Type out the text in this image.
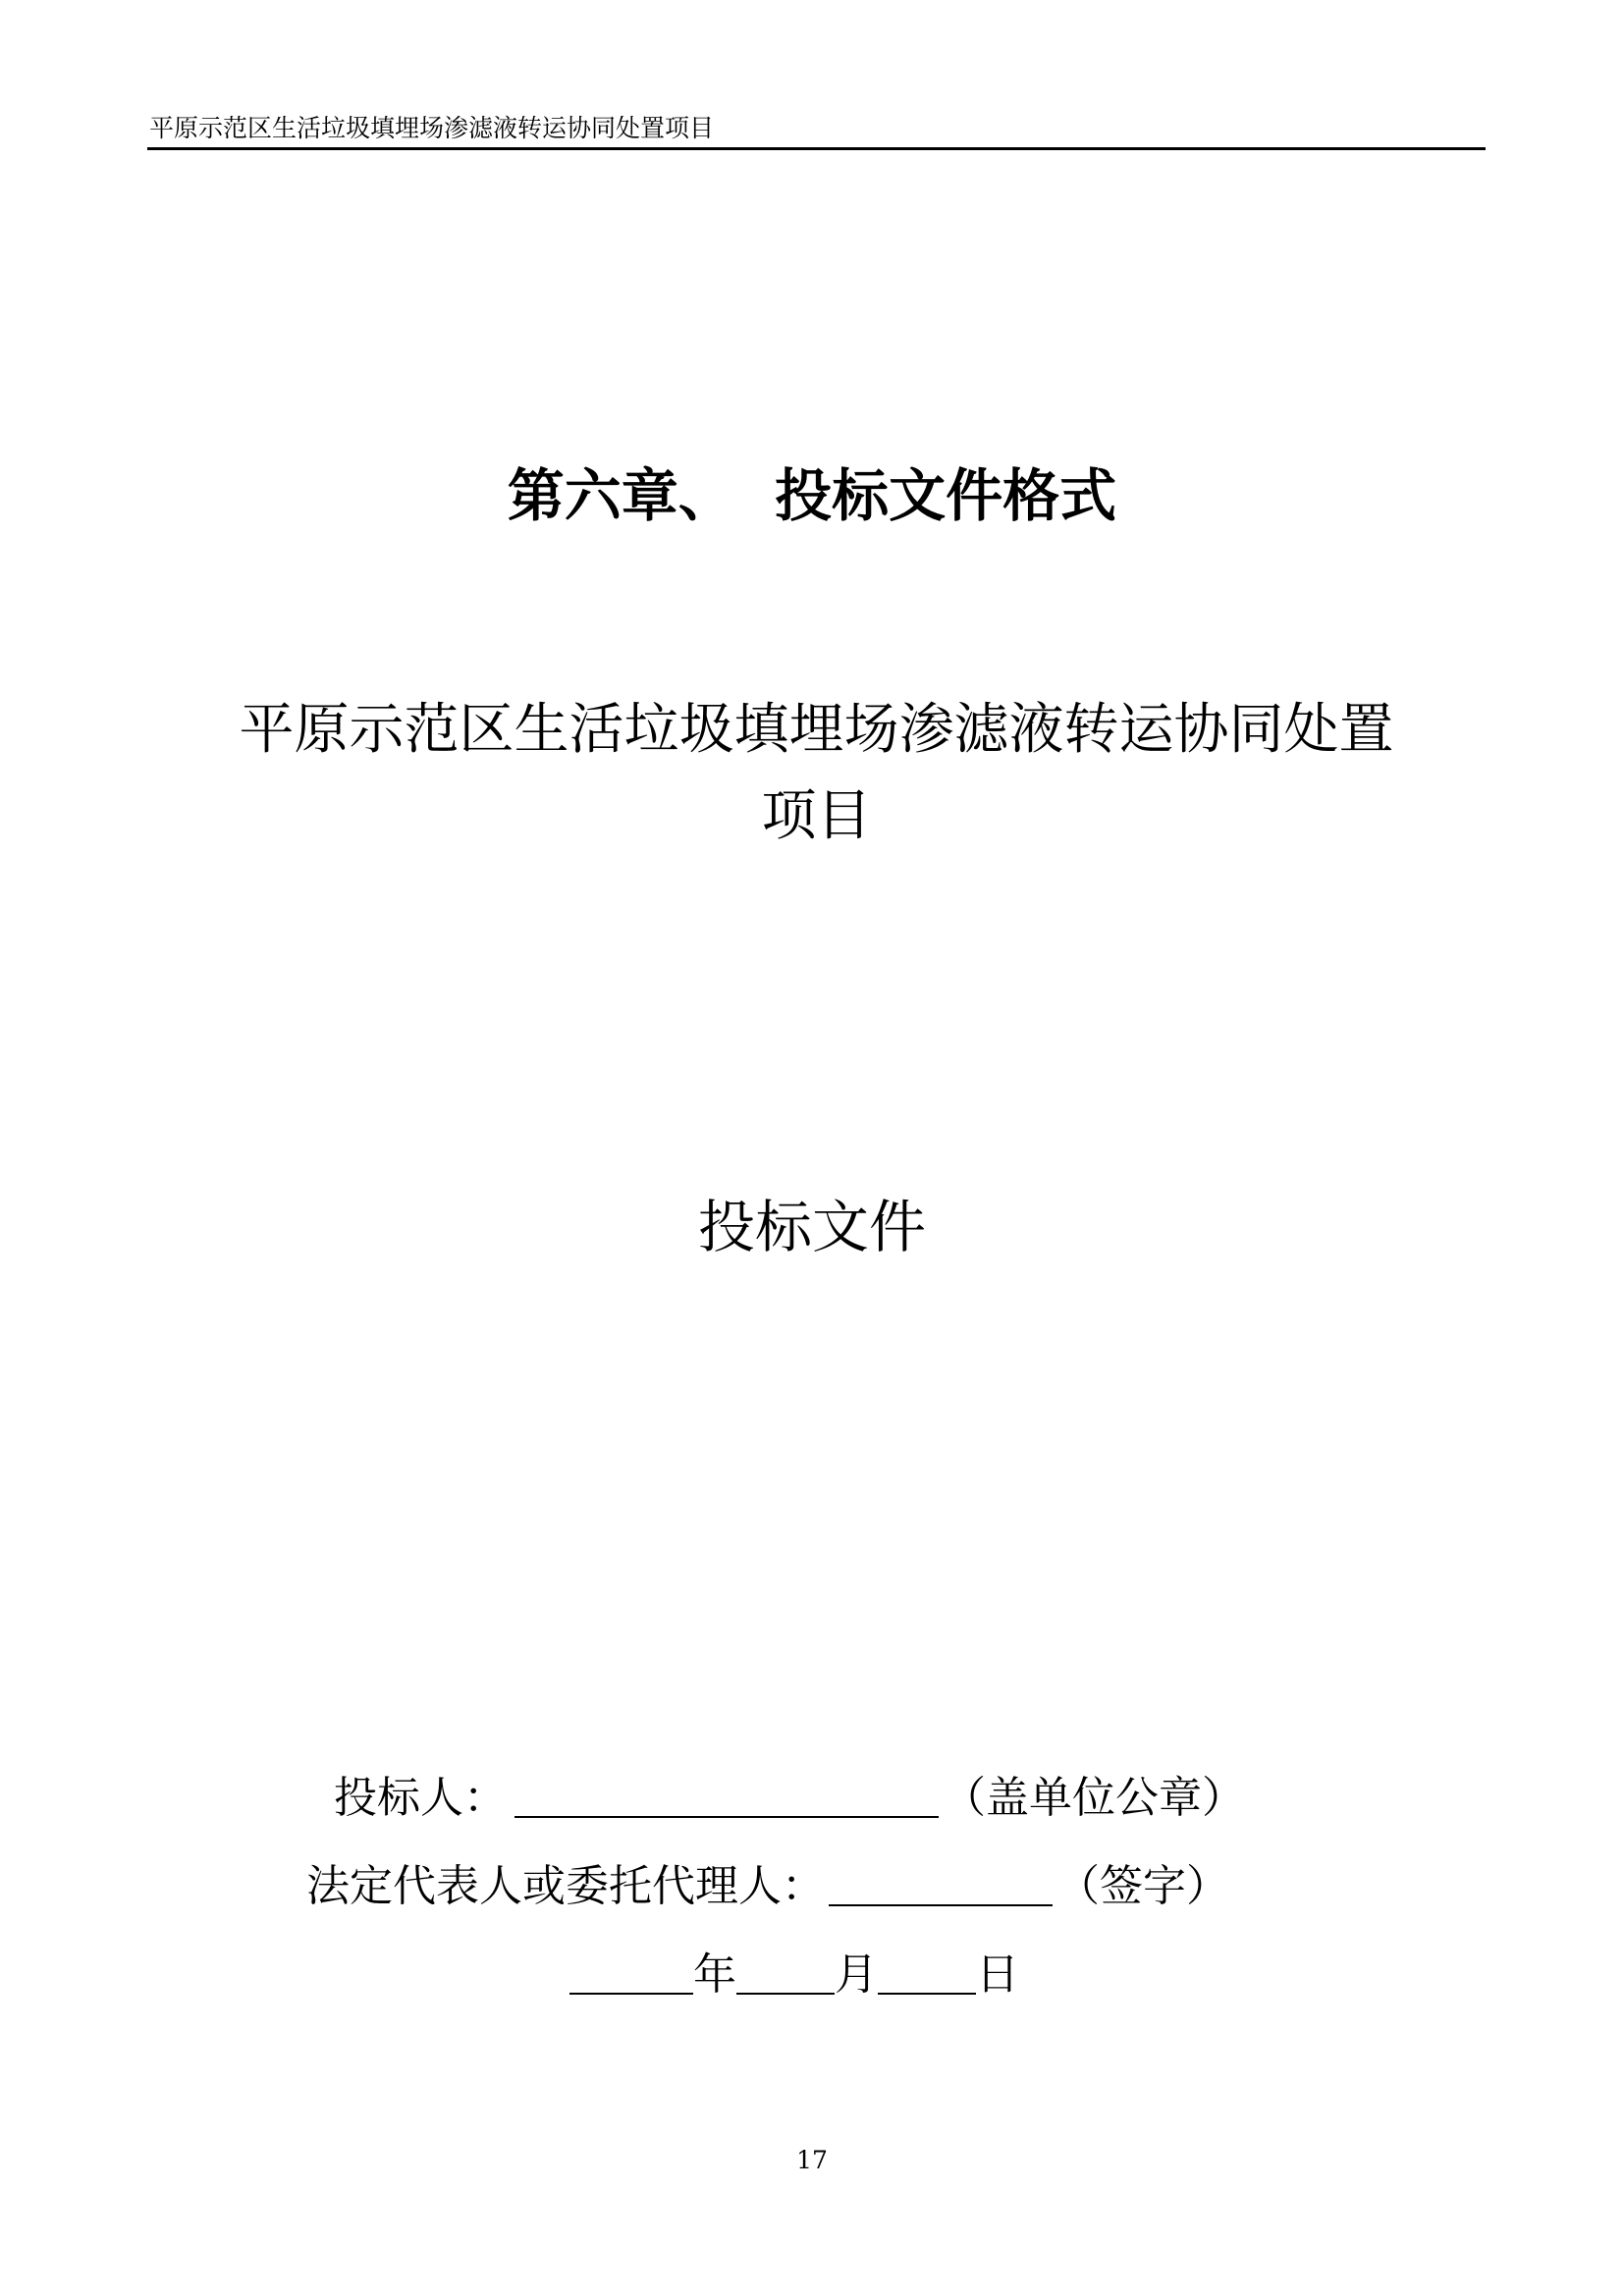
平原示范区生活垃圾填埋场渗滤液转运协同处置项目
第六章、  投标文件格式
平原示范区生活垃圾填埋场渗滤液转运协同处置
项目
投标文件
投标人：	（盖单位公章）
法定代表人或委托代理人：	（签字）
年 月 日
17
